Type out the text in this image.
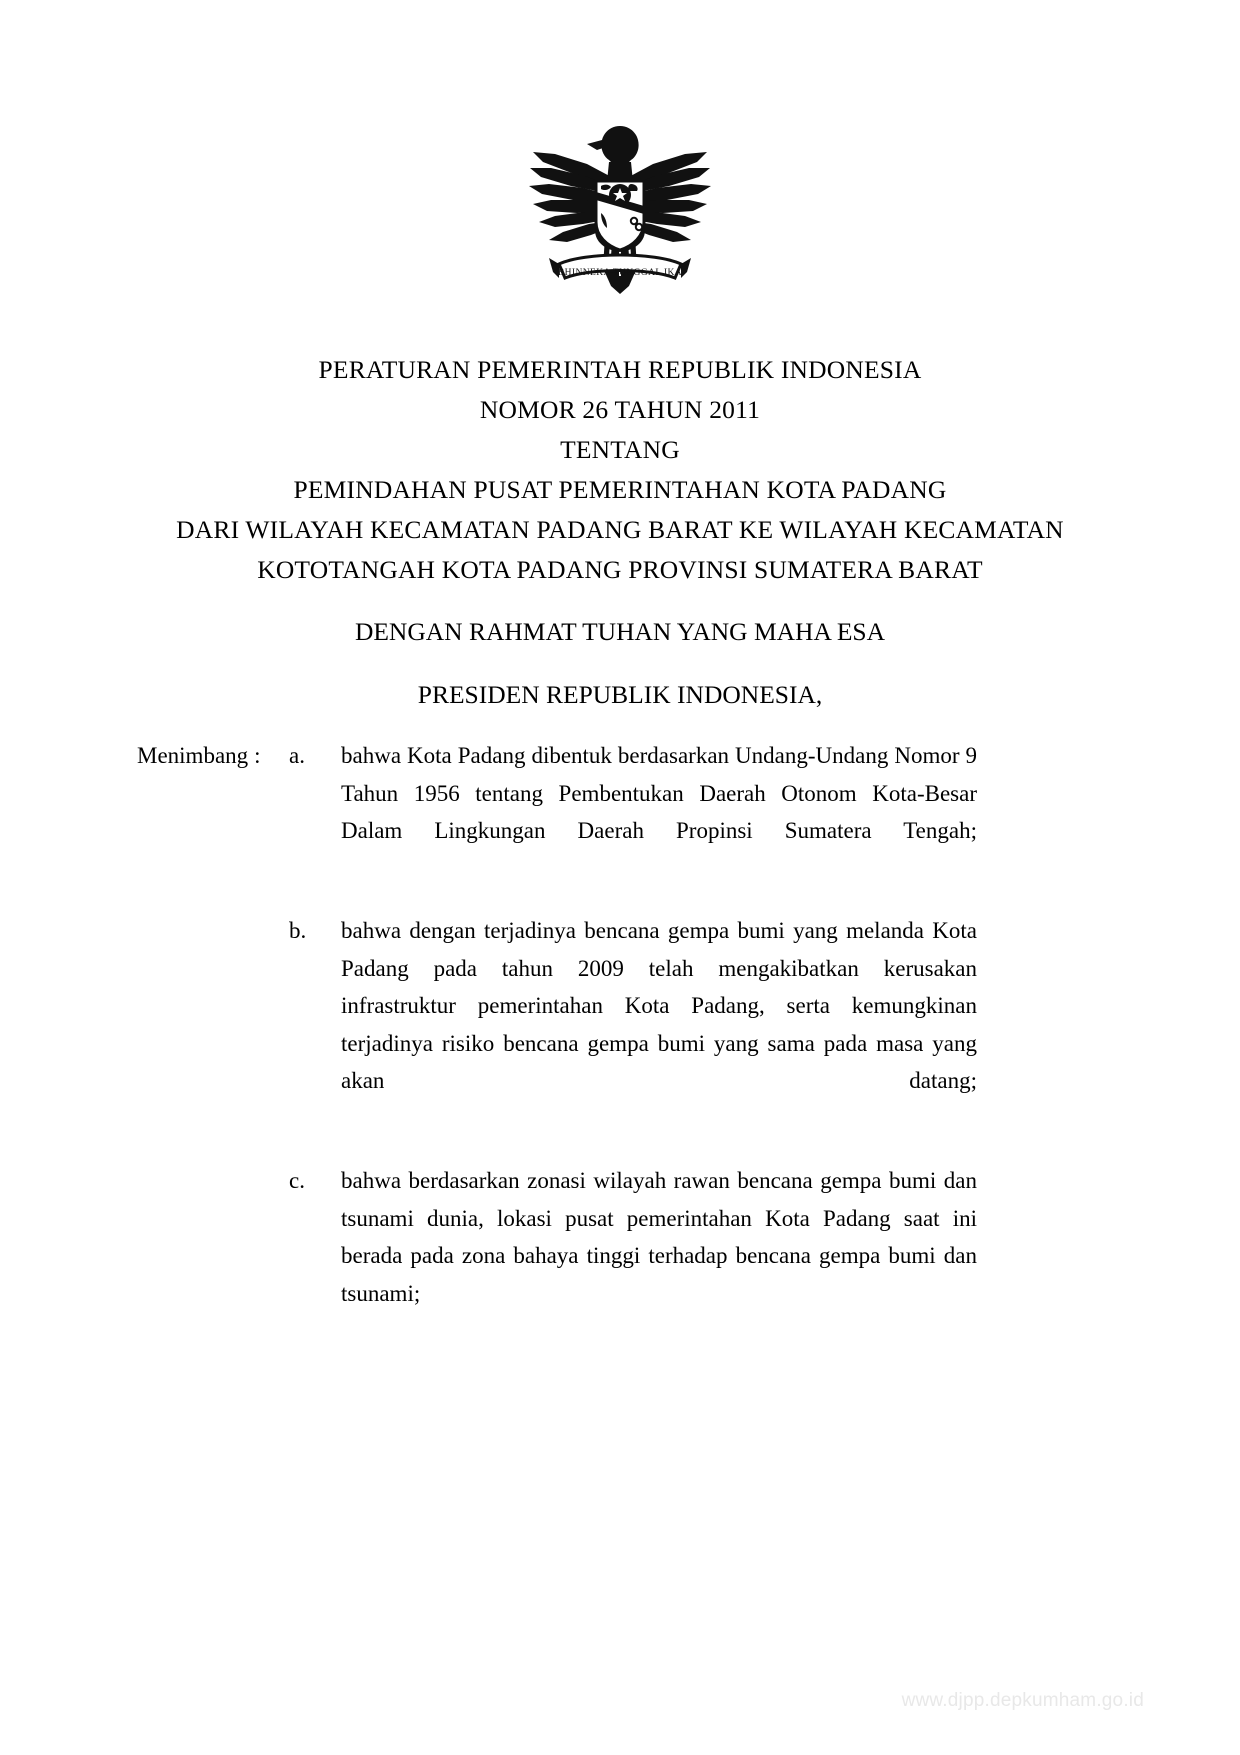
BHINNEKA TUNGGAL IKA
PERATURAN PEMERINTAH REPUBLIK INDONESIA
NOMOR 26 TAHUN 2011
TENTANG
PEMINDAHAN PUSAT PEMERINTAHAN KOTA PADANG
DARI WILAYAH KECAMATAN PADANG BARAT KE WILAYAH KECAMATAN
KOTOTANGAH KOTA PADANG PROVINSI SUMATERA BARAT
DENGAN RAHMAT TUHAN YANG MAHA ESA
PRESIDEN REPUBLIK INDONESIA,
Menimbang :	a.	bahwa Kota Padang dibentuk berdasarkan Undang-Undang Nomor 9 Tahun 1956 tentang Pembentukan Daerah Otonom Kota-Besar Dalam Lingkungan Daerah Propinsi Sumatera Tengah;
b.	bahwa dengan terjadinya bencana gempa bumi yang melanda Kota Padang pada tahun 2009 telah mengakibatkan kerusakan infrastruktur pemerintahan Kota Padang, serta kemungkinan terjadinya risiko bencana gempa bumi yang sama pada masa yang akan datang;
c.	bahwa berdasarkan zonasi wilayah rawan bencana gempa bumi dan tsunami dunia, lokasi pusat pemerintahan Kota Padang saat ini berada pada zona bahaya tinggi terhadap bencana gempa bumi dan tsunami;
www.djpp.depkumham.go.id
